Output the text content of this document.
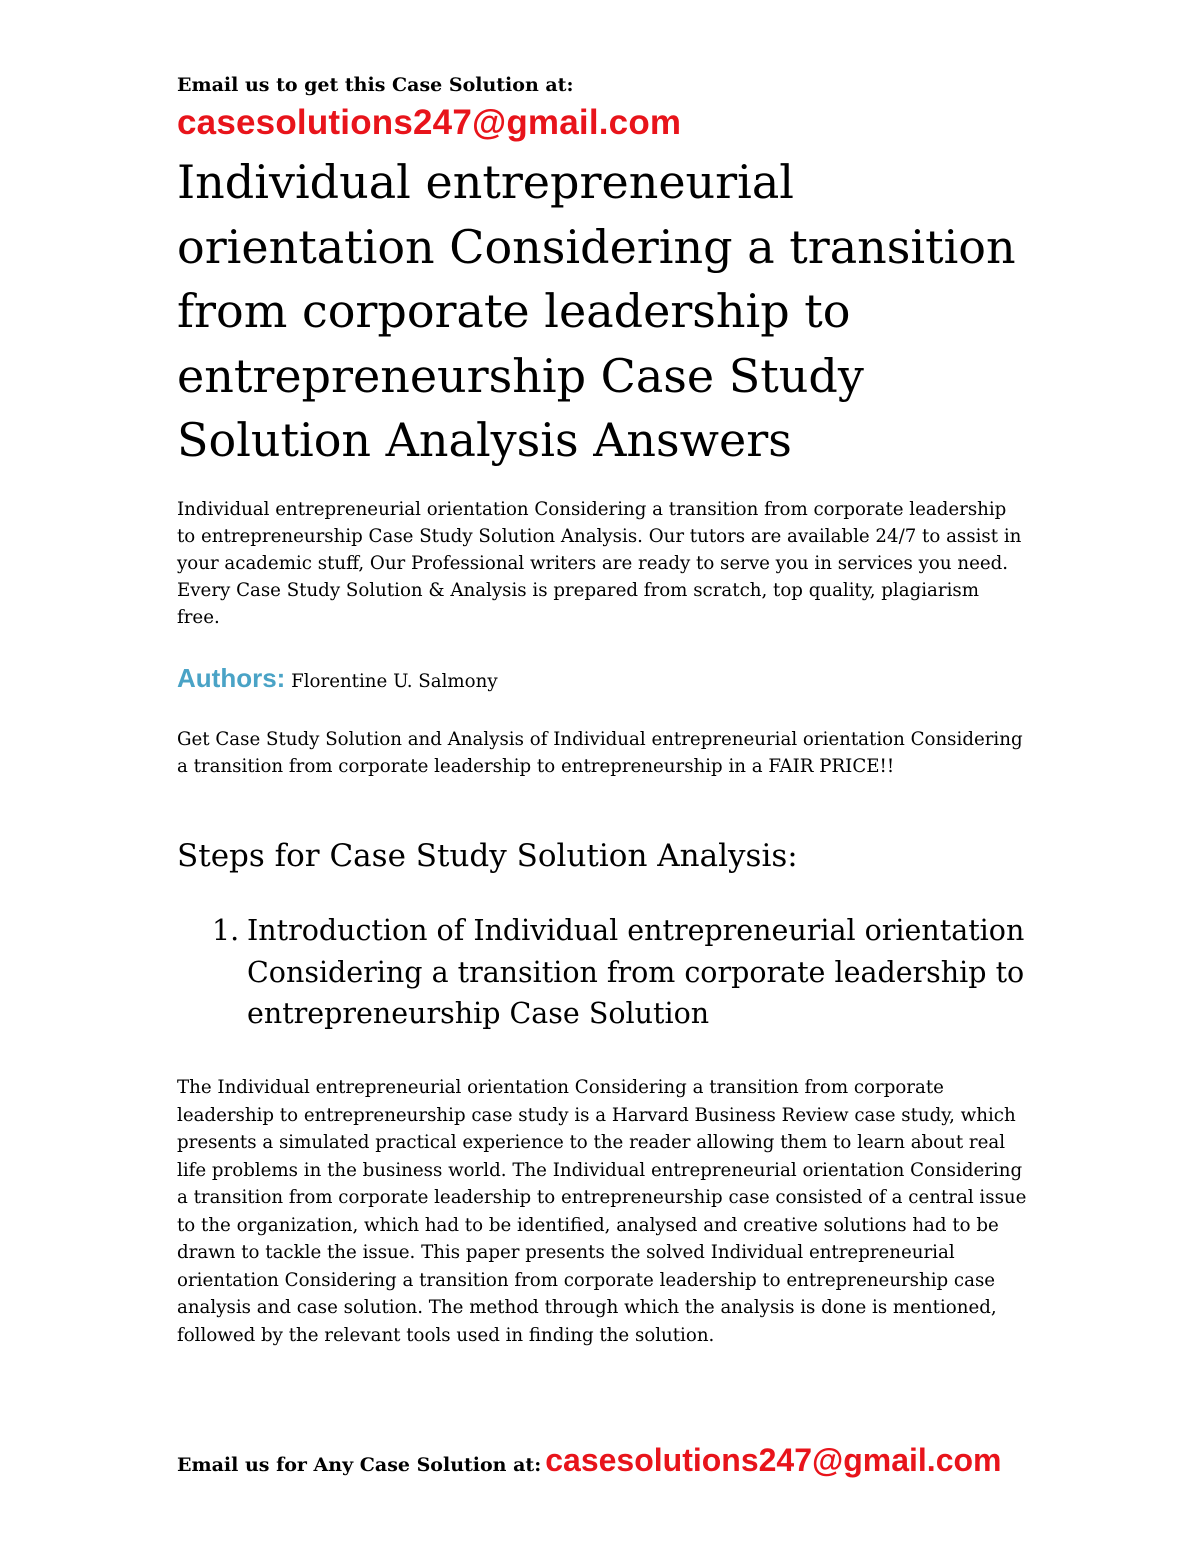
Email us to get this Case Solution at:

casesolutions247@gmail.com
Individual entrepreneurial orientation Considering a transition from corporate leadership to entrepreneurship Case Study Solution Analysis Answers

Individual entrepreneurial orientation Considering a transition from corporate leadership to entrepreneurship Case Study Solution Analysis. Our tutors are available 24/7 to assist in your academic stuff, Our Professional writers are ready to serve you in services you need. Every Case Study Solution & Analysis is prepared from scratch, top quality, plagiarism free.

Authors: Florentine U. Salmony

Get Case Study Solution and Analysis of Individual entrepreneurial orientation Considering a transition from corporate leadership to entrepreneurship in a FAIR PRICE!!

Steps for Case Study Solution Analysis:
1. Introduction of Individual entrepreneurial orientation Considering a transition from corporate leadership to entrepreneurship Case Solution

The Individual entrepreneurial orientation Considering a transition from corporate leadership to entrepreneurship case study is a Harvard Business Review case study, which presents a simulated practical experience to the reader allowing them to learn about real life problems in the business world. The Individual entrepreneurial orientation Considering a transition from corporate leadership to entrepreneurship case consisted of a central issue to the organization, which had to be identified, analysed and creative solutions had to be drawn to tackle the issue. This paper presents the solved Individual entrepreneurial orientation Considering a transition from corporate leadership to entrepreneurship case analysis and case solution. The method through which the analysis is done is mentioned, followed by the relevant tools used in finding the solution.

Email us for Any Case Solution at: casesolutions247@gmail.com
